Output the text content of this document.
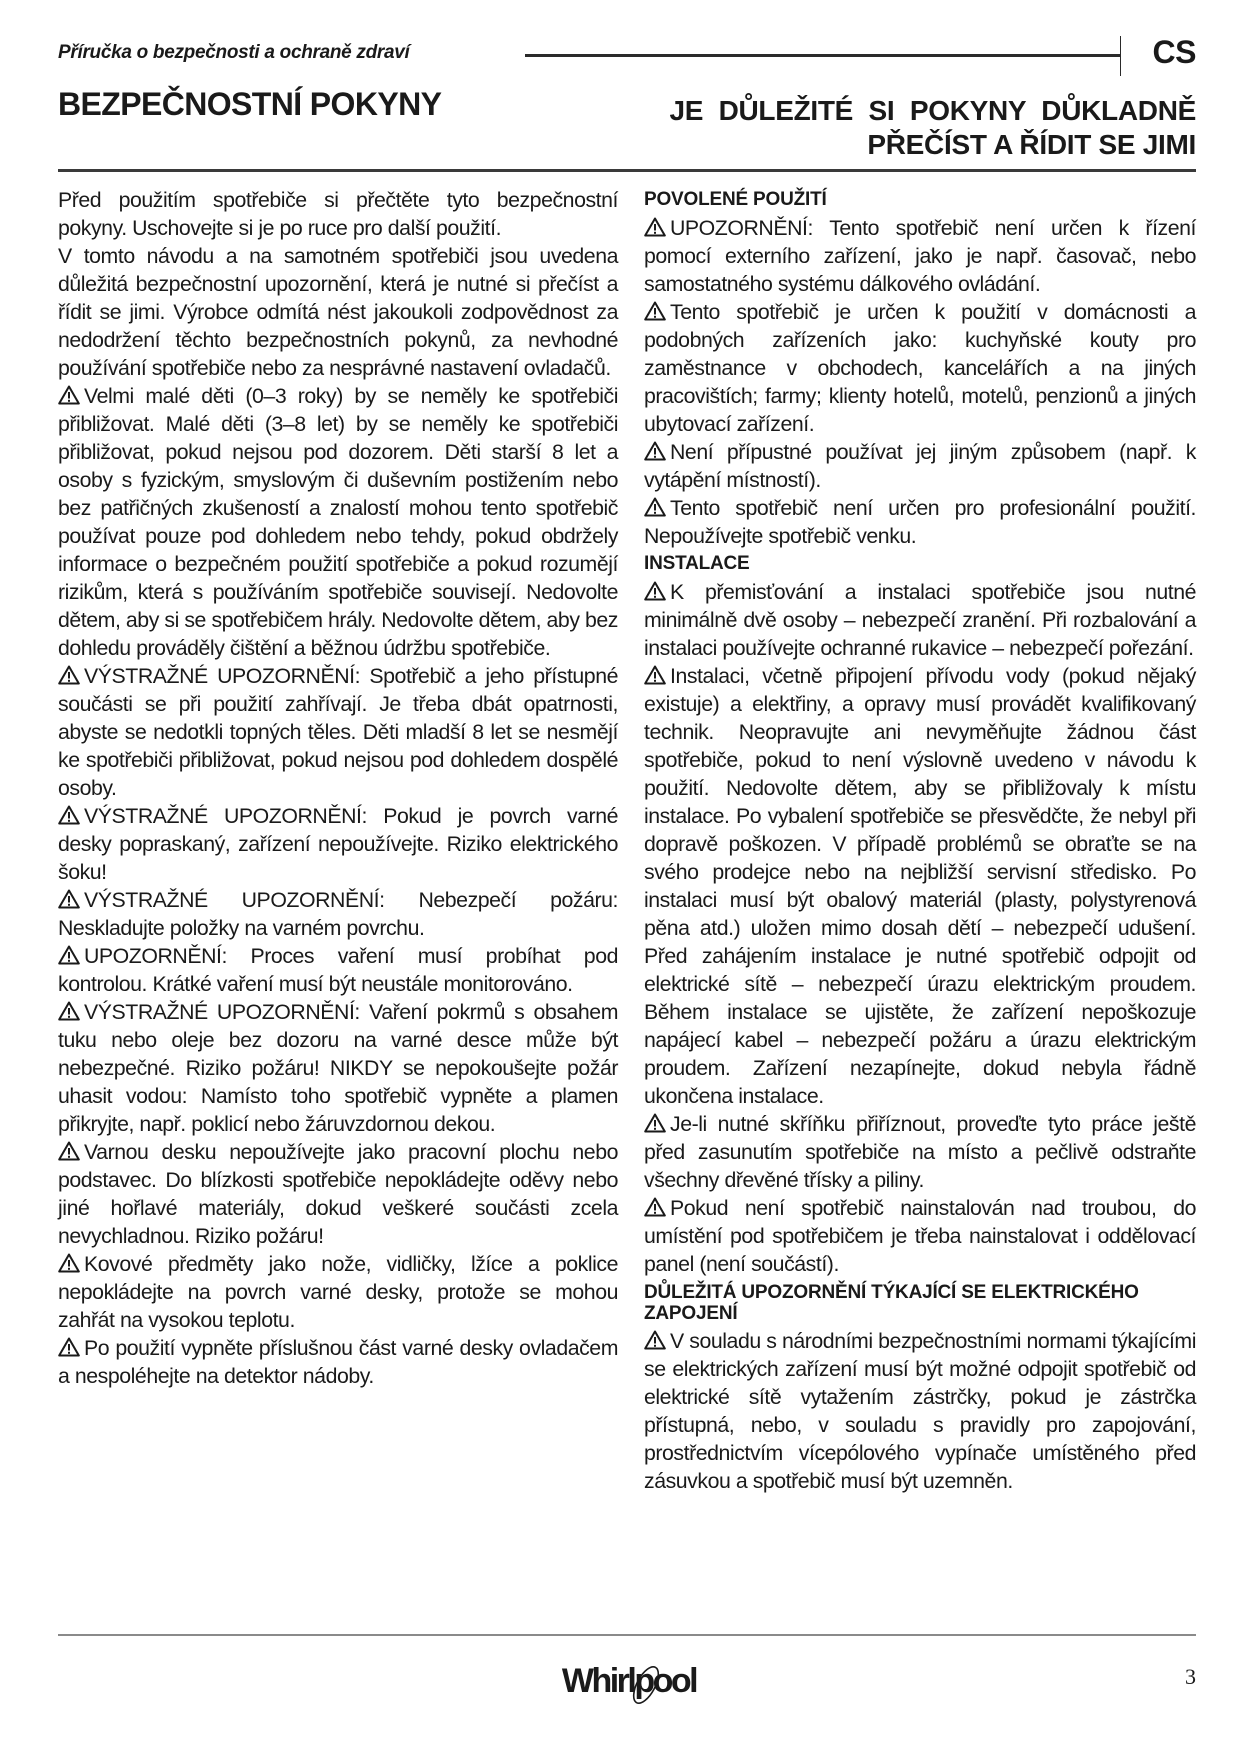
Příručka o bezpečnosti a ochraně zdraví	CS
BEZPEČNOSTNÍ POKYNY	JE DŮLEŽITÉ SI POKYNY DŮKLADNĚ
PŘEČÍST A ŘÍDIT SE JIMI

Před použitím spotřebiče si přečtěte tyto bezpečnostní pokyny. Uschovejte si je po ruce pro další použití.

V tomto návodu a na samotném spotřebiči jsou uvedena důležitá bezpečnostní upozornění, která je nutné si přečíst a řídit se jimi. Výrobce odmítá nést jakoukoli zodpovědnost za nedodržení těchto bezpečnostních pokynů, za nevhodné používání spotřebiče nebo za nesprávné nastavení ovladačů.

Velmi malé děti (0–3 roky) by se neměly ke spotřebiči přibližovat. Malé děti (3–8 let) by se neměly ke spotřebiči přibližovat, pokud nejsou pod dozorem. Děti starší 8 let a osoby s fyzickým, smyslovým či duševním postižením nebo bez patřičných zkušeností a znalostí mohou tento spotřebič používat pouze pod dohledem nebo tehdy, pokud obdržely informace o bezpečném použití spotřebiče a pokud rozumějí rizikům, která s používáním spotřebiče souvisejí. Nedovolte dětem, aby si se spotřebičem hrály. Nedovolte dětem, aby bez dohledu prováděly čištění a běžnou údržbu spotřebiče.

VÝSTRAŽNÉ UPOZORNĚNÍ: Spotřebič a jeho přístupné součásti se při použití zahřívají. Je třeba dbát opatrnosti, abyste se nedotkli topných těles. Děti mladší 8 let se nesmějí ke spotřebiči přibližovat, pokud nejsou pod dohledem dospělé osoby.

VÝSTRAŽNÉ UPOZORNĚNÍ: Pokud je povrch varné desky popraskaný, zařízení nepoužívejte. Riziko elektrického šoku!

VÝSTRAŽNÉ UPOZORNĚNÍ: Nebezpečí požáru: Neskladujte položky na varném povrchu.

UPOZORNĚNÍ: Proces vaření musí probíhat pod kontrolou. Krátké vaření musí být neustále monitorováno.

VÝSTRAŽNÉ UPOZORNĚNÍ: Vaření pokrmů s obsahem tuku nebo oleje bez dozoru na varné desce může být nebezpečné. Riziko požáru! NIKDY se nepokoušejte požár uhasit vodou: Namísto toho spotřebič vypněte a plamen přikryjte, např. poklicí nebo žáruvzdornou dekou.

Varnou desku nepoužívejte jako pracovní plochu nebo podstavec. Do blízkosti spotřebiče nepokládejte oděvy nebo jiné hořlavé materiály, dokud veškeré součásti zcela nevychladnou. Riziko požáru!

Kovové předměty jako nože, vidličky, lžíce a poklice nepokládejte na povrch varné desky, protože se mohou zahřát na vysokou teplotu.

Po použití vypněte příslušnou část varné desky ovladačem a nespoléhejte na detektor nádoby.

POVOLENÉ POUŽITÍ

UPOZORNĚNÍ: Tento spotřebič není určen k řízení pomocí externího zařízení, jako je např. časovač, nebo samostatného systému dálkového ovládání.

Tento spotřebič je určen k použití v domácnosti a podobných zařízeních jako: kuchyňské kouty pro zaměstnance v obchodech, kancelářích a na jiných pracovištích; farmy; klienty hotelů, motelů, penzionů a jiných ubytovací zařízení.

Není přípustné používat jej jiným způsobem (např. k vytápění místností).

Tento spotřebič není určen pro profesionální použití. Nepoužívejte spotřebič venku.

INSTALACE

K přemisťování a instalaci spotřebiče jsou nutné minimálně dvě osoby – nebezpečí zranění. Při rozbalování a instalaci používejte ochranné rukavice – nebezpečí pořezání.

Instalaci, včetně připojení přívodu vody (pokud nějaký existuje) a elektřiny, a opravy musí provádět kvalifikovaný technik. Neopravujte ani nevyměňujte žádnou část spotřebiče, pokud to není výslovně uvedeno v návodu k použití. Nedovolte dětem, aby se přibližovaly k místu instalace. Po vybalení spotřebiče se přesvědčte, že nebyl při dopravě poškozen. V případě problémů se obraťte se na svého prodejce nebo na nejbližší servisní středisko. Po instalaci musí být obalový materiál (plasty, polystyrenová pěna atd.) uložen mimo dosah dětí – nebezpečí udušení. Před zahájením instalace je nutné spotřebič odpojit od elektrické sítě – nebezpečí úrazu elektrickým proudem. Během instalace se ujistěte, že zařízení nepoškozuje napájecí kabel – nebezpečí požáru a úrazu elektrickým proudem. Zařízení nezapínejte, dokud nebyla řádně ukončena instalace.

Je-li nutné skříňku přiříznout, proveďte tyto práce ještě před zasunutím spotřebiče na místo a pečlivě odstraňte všechny dřevěné třísky a piliny.

Pokud není spotřebič nainstalován nad troubou, do umístění pod spotřebičem je třeba nainstalovat i oddělovací panel (není součástí).

DŮLEŽITÁ UPOZORNĚNÍ TÝKAJÍCÍ SE ELEKTRICKÉHO ZAPOJENÍ

V souladu s národními bezpečnostními normami týkajícími se elektrických zařízení musí být možné odpojit spotřebič od elektrické sítě vytažením zástrčky, pokud je zástrčka přístupná, nebo, v souladu s pravidly pro zapojování, prostřednictvím vícepólového vypínače umístěného před zásuvkou a spotřebič musí být uzemněn.

Whirlpool	3
